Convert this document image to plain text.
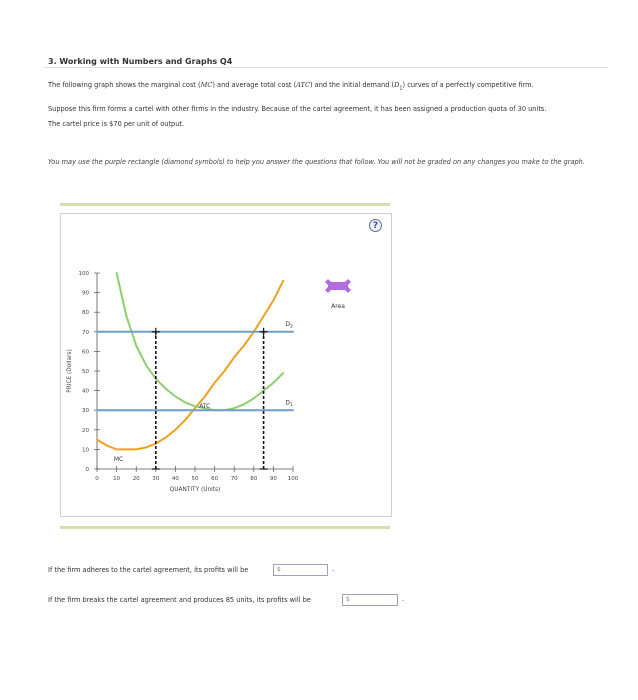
3. Working with Numbers and Graphs Q4
The following graph shows the marginal cost (MC) and average total cost (ATC) and the initial demand $(D_1)$ curves of a perfectly competitive firm.
Suppose this firm forms a cartel with other firms in the industry. Because of the cartel agreement, it has been assigned a production quota of 30 units.
The cartel price is $70 per unit of output.
You may use the purple rectangle (diamond symbols) to help you answer the questions that follow. You will not be graded on any changes you make to the graph.
0
10
20
30
40
50
60
70
80
90
100
0	10 20 30 40 50 60 70 80 90 100
QUANTITY (Units)
PRICE (Dollars)
MC
ATC
$D_2$
$D_1$
Area
?
If the firm adheres to the cartel agreement, its profits will be	$	.
If the firm breaks the cartel agreement and produces 85 units, its profits will be	$	.
